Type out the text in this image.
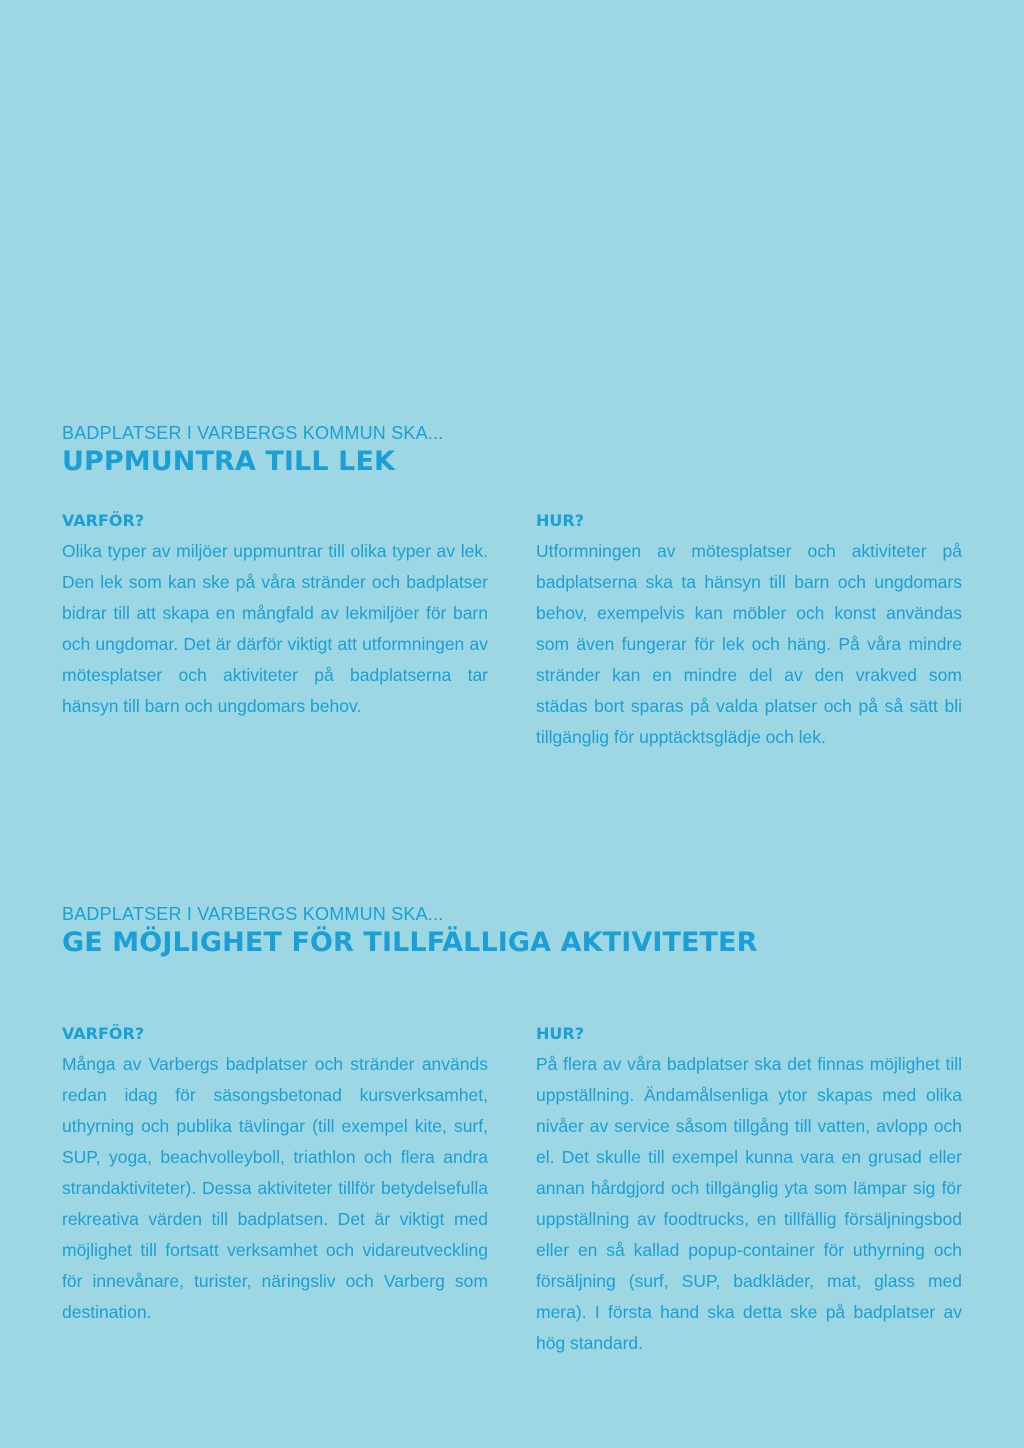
BADPLATSER I VARBERGS KOMMUN SKA...

UPPMUNTRA TILL LEK
VARFÖR?

Olika typer av miljöer uppmuntrar till olika typer av lek. Den lek som kan ske på våra stränder och badplatser bidrar till att skapa en mångfald av lekmiljöer för barn och ungdomar. Det är därför viktigt att utformningen av mötesplatser och aktiviteter på badplatserna tar hänsyn till barn och ungdomars behov.

HUR?

Utformningen av mötesplatser och aktiviteter på badplatserna ska ta hänsyn till barn och ungdomars behov, exempelvis kan möbler och konst användas som även fungerar för lek och häng. På våra mindre stränder kan en mindre del av den vrakved som städas bort sparas på valda platser och på så sätt bli tillgänglig för upptäcktsglädje och lek.

BADPLATSER I VARBERGS KOMMUN SKA...

GE MÖJLIGHET FÖR TILLFÄLLIGA AKTIVITETER
VARFÖR?

Många av Varbergs badplatser och stränder används redan idag för säsongsbetonad kursverksamhet, uthyrning och publika tävlingar (till exempel kite, surf, SUP, yoga, beachvolleyboll, triathlon och flera andra strandaktiviteter). Dessa aktiviteter tillför betydelsefulla rekreativa värden till badplatsen. Det är viktigt med möjlighet till fortsatt verksamhet och vidareutveckling för innevånare, turister, näringsliv och Varberg som destination.

HUR?

På flera av våra badplatser ska det finnas möjlighet till uppställning. Ändamålsenliga ytor skapas med olika nivåer av service såsom tillgång till vatten, avlopp och el. Det skulle till exempel kunna vara en grusad eller annan hårdgjord och tillgänglig yta som lämpar sig för uppställning av foodtrucks, en tillfällig försäljningsbod eller en så kallad popup-container för uthyrning och försäljning (surf, SUP, badkläder, mat, glass med mera). I första hand ska detta ske på badplatser av hög standard.
